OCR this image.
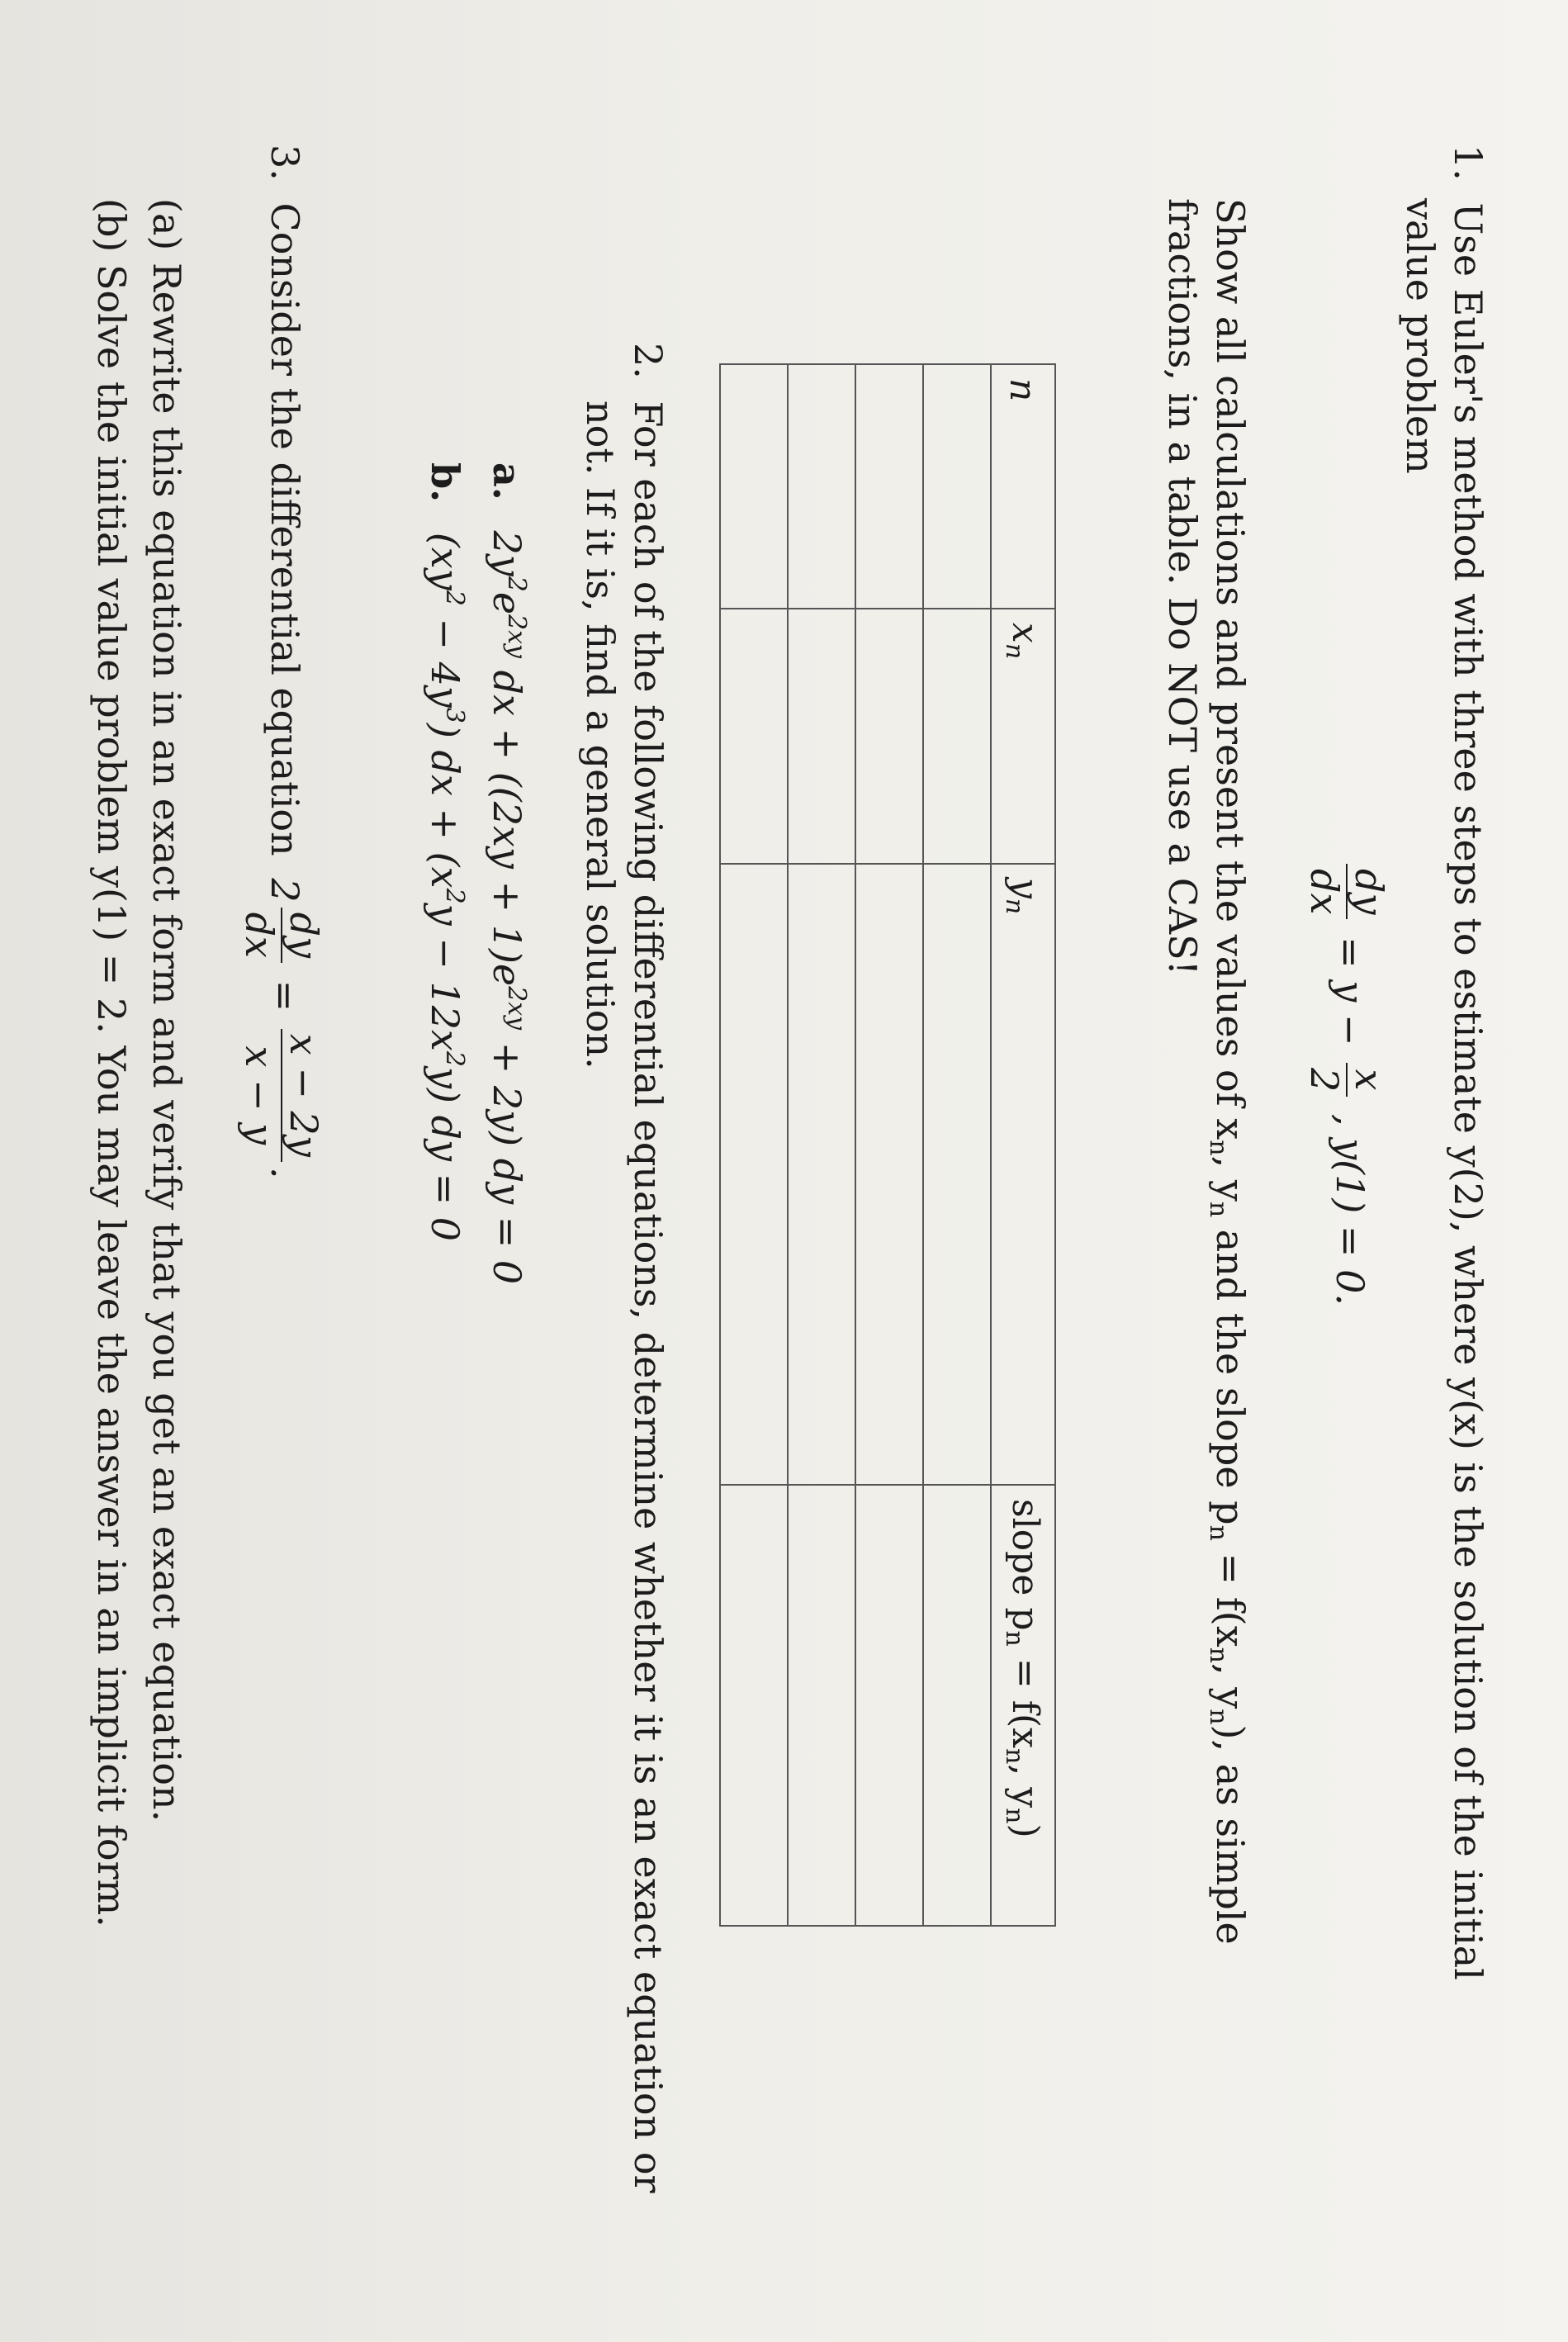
1. Use Euler's method with three steps to estimate y(2), where y(x) is the solution of the initial
value problem
dy
dx
= y −
x
2
, y(1) = 0.
Show all calculations and present the values of $x_n$, $y_n$ and the slope $p_n = f(x_n$, $y_n$), as simple
fractions, in a table. Do NOT use a CAS!
n	$x_n$	$y_n$	slope $p_n = f(x_n$, $y_n$)

2. For each of the following differential equations, determine whether it is an exact equation or
not. If it is, find a general solution.
a. $2y^2e^{2xy}$ dx + $((2xy + 1)e^{2xy} + 2y)$ dy = 0
b. $(xy^2 - 4y^3)$ dx + $(x^2y - 12x^2y)$ dy = 0
3. Consider the differential equation 2
dy
dx
=
x − 2y
x − y
.
(a) Rewrite this equation in an exact form and verify that you get an exact equation.
(b) Solve the initial value problem y(1) = 2. You may leave the answer in an implicit form.
